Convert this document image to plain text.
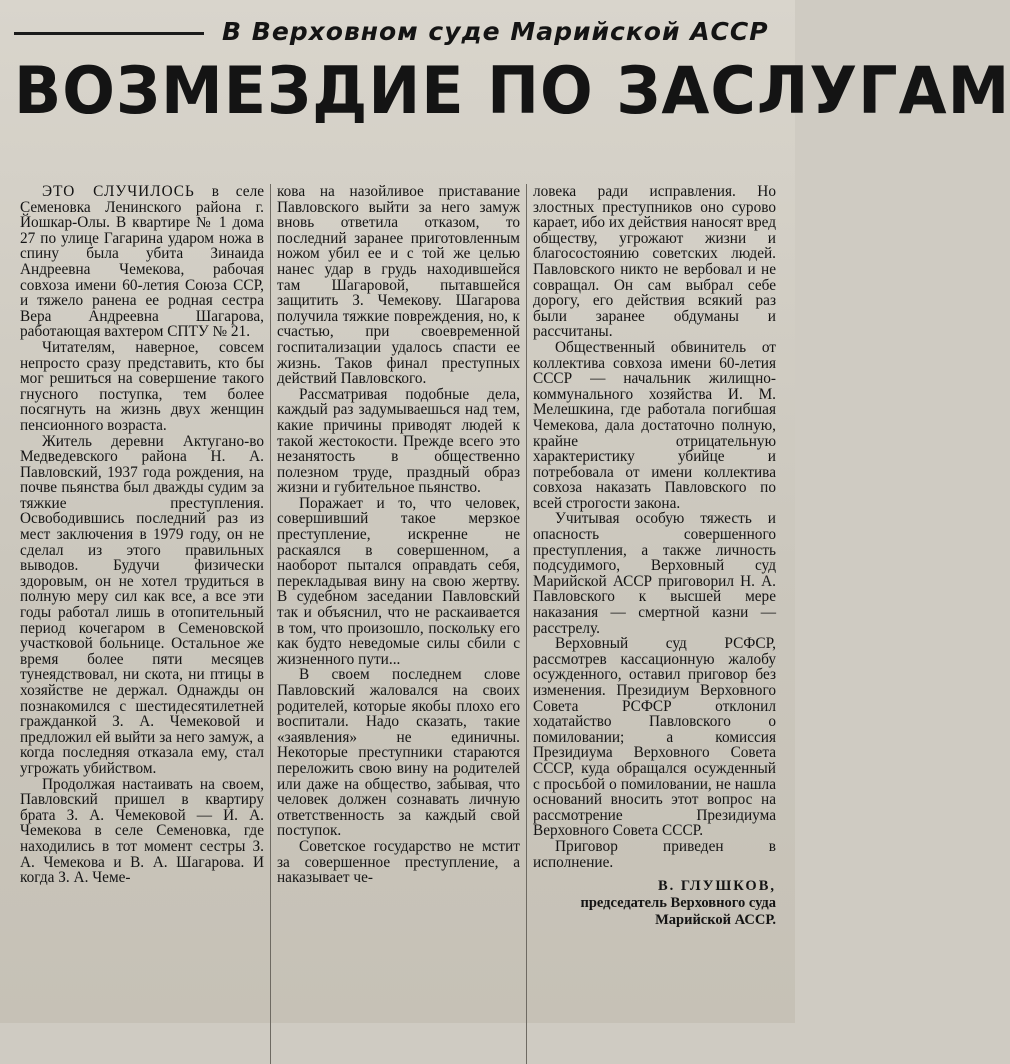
В Верховном суде Марийской АССР
ВОЗМЕЗДИЕ ПО ЗАСЛУГАМ

ЭТО СЛУЧИЛОСЬ в селе Семеновка Ленинского района г. Йошкар-Олы. В квартире № 1 дома 27 по улице Гагарина ударом ножа в спину была убита Зинаида Андреевна Чемекова, рабочая совхоза имени 60-летия Союза ССР, и тяжело ранена ее родная сестра Вера Андреевна Шагарова, работающая вахтером СПТУ № 21.

Читателям, наверное, совсем непросто сразу представить, кто бы мог решиться на совершение такого гнусного поступка, тем более посягнуть на жизнь двух женщин пенсионного возраста.

Житель деревни Актугано-во Медведевского района Н. А. Павловский, 1937 года рождения, на почве пьянства был дважды судим за тяжкие преступления. Освободившись последний раз из мест заключения в 1979 году, он не сделал из этого правильных выводов. Будучи физически здоровым, он не хотел трудиться в полную меру сил как все, а все эти годы работал лишь в отопительный период кочегаром в Семеновской участковой больнице. Остальное же время более пяти месяцев тунеядствовал, ни скота, ни птицы в хозяйстве не держал. Однажды он познакомился с шестидесятилетней гражданкой З. А. Чемековой и предложил ей выйти за него замуж, а когда последняя отказала ему, стал угрожать убийством.

Продолжая настаивать на своем, Павловский пришел в квартиру брата З. А. Чемековой — И. А. Чемекова в селе Семеновка, где находились в тот момент сестры З. А. Чемекова и В. А. Шагарова. И когда З. А. Чеме-

кова на назойливое приставание Павловского выйти за него замуж вновь ответила отказом, то последний заранее приготовленным ножом убил ее и с той же целью нанес удар в грудь находившейся там Шагаровой, пытавшейся защитить З. Чемекову. Шагарова получила тяжкие повреждения, но, к счастью, при своевременной госпитализации удалось спасти ее жизнь. Таков финал преступных действий Павловского.

Рассматривая подобные дела, каждый раз задумываешься над тем, какие причины приводят людей к такой жестокости. Прежде всего это незанятость в общественно полезном труде, праздный образ жизни и губительное пьянство.

Поражает и то, что человек, совершивший такое мерзкое преступление, искренне не раскаялся в совершенном, а наоборот пытался оправдать себя, перекладывая вину на свою жертву. В судебном заседании Павловский так и объяснил, что не раскаивается в том, что произошло, поскольку его как будто неведомые силы сбили с жизненного пути...

В своем последнем слове Павловский жаловался на своих родителей, которые якобы плохо его воспитали. Надо сказать, такие «заявления» не единичны. Некоторые преступники стараются переложить свою вину на родителей или даже на общество, забывая, что человек должен сознавать личную ответственность за каждый свой поступок.

Советское государство не мстит за совершенное преступление, а наказывает че-

ловека ради исправления. Но злостных преступников оно сурово карает, ибо их действия наносят вред обществу, угрожают жизни и благосостоянию советских людей. Павловского никто не вербовал и не совращал. Он сам выбрал себе дорогу, его действия всякий раз были заранее обдуманы и рассчитаны.

Общественный обвинитель от коллектива совхоза имени 60-летия СССР — начальник жилищно-коммунального хозяйства И. М. Мелешкина, где работала погибшая Чемекова, дала достаточно полную, крайне отрицательную характеристику убийце и потребовала от имени коллектива совхоза наказать Павловского по всей строгости закона.

Учитывая особую тяжесть и опасность совершенного преступления, а также личность подсудимого, Верховный суд Марийской АССР приговорил Н. А. Павловского к высшей мере наказания — смертной казни — расстрелу.

Верховный суд РСФСР, рассмотрев кассационную жалобу осужденного, оставил приговор без изменения. Президиум Верховного Совета РСФСР отклонил ходатайство Павловского о помиловании; а комиссия Президиума Верховного Совета СССР, куда обращался осужденный с просьбой о помиловании, не нашла оснований вносить этот вопрос на рассмотрение Президиума Верховного Совета СССР.

Приговор приведен в исполнение.

В. ГЛУШКОВ,
председатель Верховного суда Марийской АССР.
